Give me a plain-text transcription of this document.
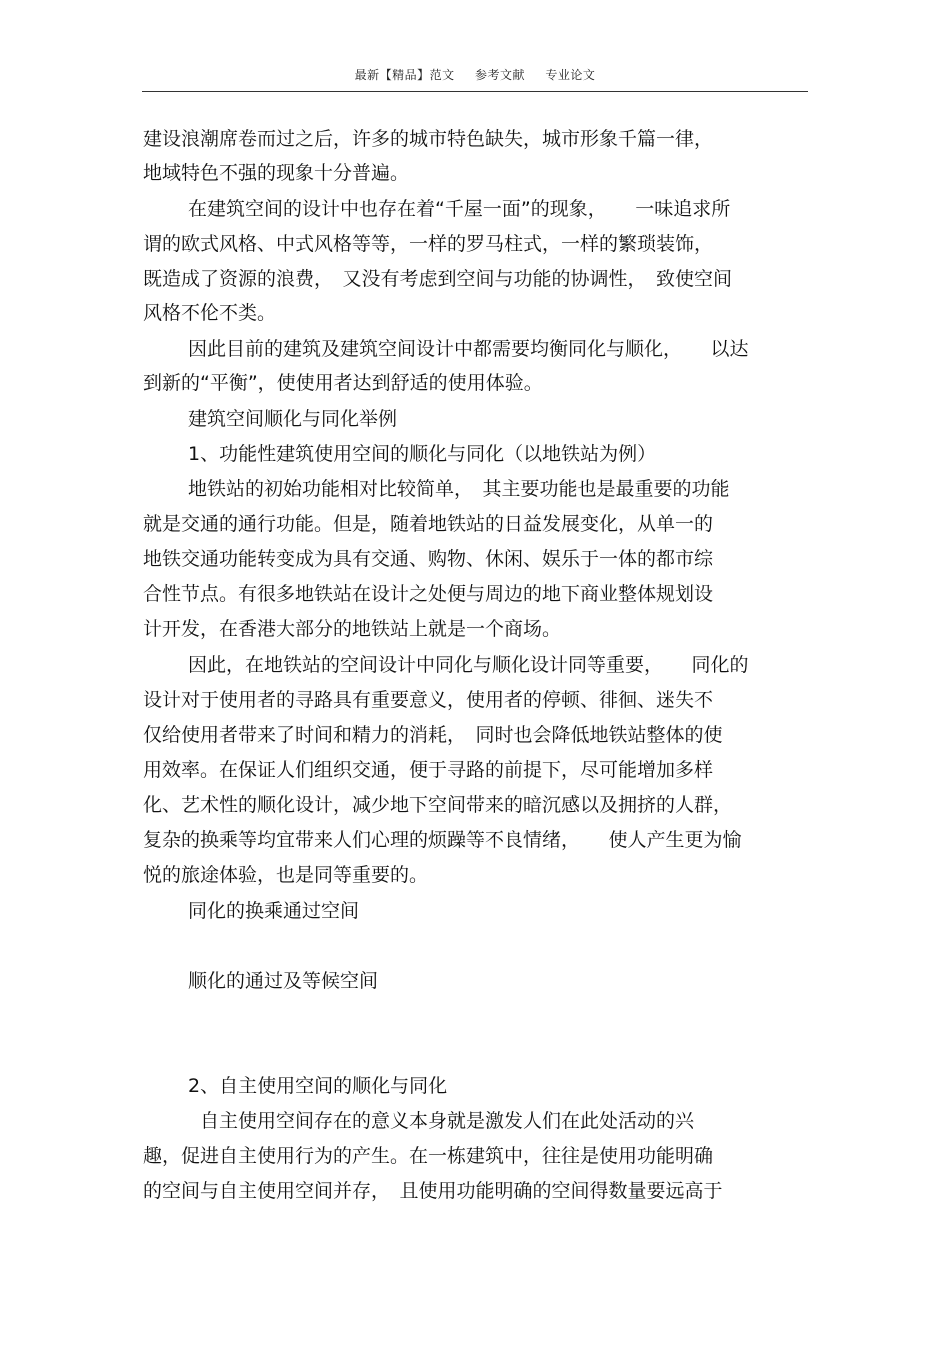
最新【精品】范文 参考文献 专业论文
建设浪潮席卷而过之后，许多的城市特色缺失，城市形象千篇一律，
地域特色不强的现象十分普遍。
在建筑空间的设计中也存在着“千屋一面”的现象，　　一味追求所
谓的欧式风格、中式风格等等，一样的罗马柱式，一样的繁琐装饰，
既造成了资源的浪费，　又没有考虑到空间与功能的协调性，　致使空间
风格不伦不类。
因此目前的建筑及建筑空间设计中都需要均衡同化与顺化，　　以达
到新的“平衡”，使使用者达到舒适的使用体验。
建筑空间顺化与同化举例
1、功能性建筑使用空间的顺化与同化（以地铁站为例）
地铁站的初始功能相对比较简单，　其主要功能也是最重要的功能
就是交通的通行功能。但是，随着地铁站的日益发展变化，从单一的
地铁交通功能转变成为具有交通、购物、休闲、娱乐于一体的都市综
合性节点。有很多地铁站在设计之处便与周边的地下商业整体规划设
计开发，在香港大部分的地铁站上就是一个商场。
因此，在地铁站的空间设计中同化与顺化设计同等重要，　　同化的
设计对于使用者的寻路具有重要意义，使用者的停顿、徘徊、迷失不
仅给使用者带来了时间和精力的消耗，　同时也会降低地铁站整体的使
用效率。在保证人们组织交通，便于寻路的前提下，尽可能增加多样
化、艺术性的顺化设计，减少地下空间带来的暗沉感以及拥挤的人群，
复杂的换乘等均宜带来人们心理的烦躁等不良情绪，　　使人产生更为愉
悦的旅途体验，也是同等重要的。
同化的换乘通过空间
顺化的通过及等候空间
2、自主使用空间的顺化与同化
自主使用空间存在的意义本身就是激发人们在此处活动的兴
趣，促进自主使用行为的产生。在一栋建筑中，往往是使用功能明确
的空间与自主使用空间并存，　且使用功能明确的空间得数量要远高于
